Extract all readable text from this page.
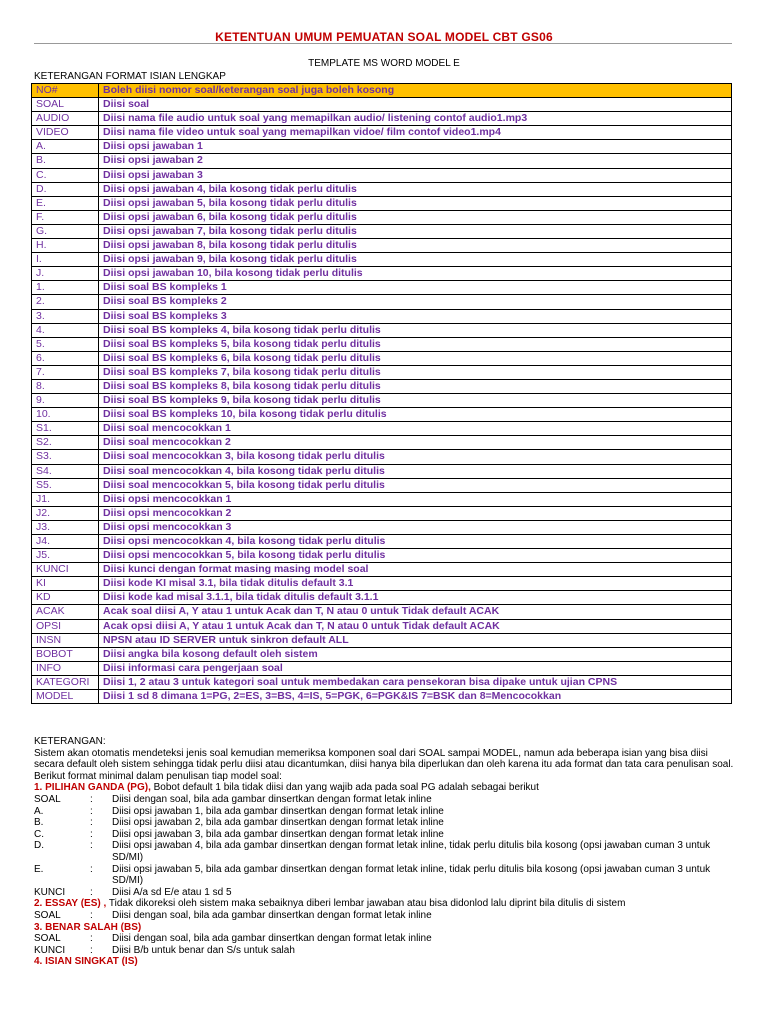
KETENTUAN UMUM PEMUATAN SOAL MODEL CBT GS06
TEMPLATE MS WORD MODEL E
KETERANGAN FORMAT ISIAN LENGKAP
NO#	Boleh diisi nomor soal/keterangan soal juga boleh kosong
SOAL	Diisi soal
AUDIO	Diisi nama file audio untuk soal yang memapilkan audio/ listening contof audio1.mp3
VIDEO	Diisi nama file video untuk soal yang memapilkan vidoe/ film contof video1.mp4
A.	Diisi opsi jawaban 1
B.	Diisi opsi jawaban 2
C.	Diisi opsi jawaban 3
D.	Diisi opsi jawaban 4, bila kosong tidak perlu ditulis
E.	Diisi opsi jawaban 5, bila kosong tidak perlu ditulis
F.	Diisi opsi jawaban 6, bila kosong tidak perlu ditulis
G.	Diisi opsi jawaban 7, bila kosong tidak perlu ditulis
H.	Diisi opsi jawaban 8, bila kosong tidak perlu ditulis
I.	Diisi opsi jawaban 9, bila kosong tidak perlu ditulis
J.	Diisi opsi jawaban 10, bila kosong tidak perlu ditulis
1.	Diisi soal BS kompleks 1
2.	Diisi soal BS kompleks 2
3.	Diisi soal BS kompleks 3
4.	Diisi soal BS kompleks 4, bila kosong tidak perlu ditulis
5.	Diisi soal BS kompleks 5, bila kosong tidak perlu ditulis
6.	Diisi soal BS kompleks 6, bila kosong tidak perlu ditulis
7.	Diisi soal BS kompleks 7, bila kosong tidak perlu ditulis
8.	Diisi soal BS kompleks 8, bila kosong tidak perlu ditulis
9.	Diisi soal BS kompleks 9, bila kosong tidak perlu ditulis
10.	Diisi soal BS kompleks 10, bila kosong tidak perlu ditulis
S1.	Diisi soal mencocokkan 1
S2.	Diisi soal mencocokkan 2
S3.	Diisi soal mencocokkan 3, bila kosong tidak perlu ditulis
S4.	Diisi soal mencocokkan 4, bila kosong tidak perlu ditulis
S5.	Diisi soal mencocokkan 5, bila kosong tidak perlu ditulis
J1.	Diisi opsi mencocokkan 1
J2.	Diisi opsi mencocokkan 2
J3.	Diisi opsi mencocokkan 3
J4.	Diisi opsi mencocokkan 4, bila kosong tidak perlu ditulis
J5.	Diisi opsi mencocokkan 5, bila kosong tidak perlu ditulis
KUNCI	Diisi kunci dengan format masing masing model soal
KI	Diisi kode KI misal 3.1, bila tidak ditulis default 3.1
KD	Diisi kode kad misal 3.1.1, bila tidak ditulis default 3.1.1
ACAK	Acak soal diisi A, Y atau 1 untuk Acak dan T, N atau 0 untuk Tidak default ACAK
OPSI	Acak opsi diisi A, Y atau 1 untuk Acak dan T, N atau 0 untuk Tidak default ACAK
INSN	NPSN atau ID SERVER untuk sinkron default ALL
BOBOT	Diisi angka bila kosong default oleh sistem
INFO	Diisi informasi cara pengerjaan soal
KATEGORI	Diisi 1, 2 atau 3 untuk kategori soal untuk membedakan cara pensekoran bisa dipake untuk ujian CPNS
MODEL	Diisi 1 sd 8 dimana 1=PG, 2=ES, 3=BS, 4=IS, 5=PGK, 6=PGK&IS 7=BSK dan 8=Mencocokkan

KETERANGAN:

Sistem akan otomatis mendeteksi jenis soal kemudian memeriksa komponen soal dari SOAL sampai MODEL, namun ada beberapa isian yang bisa diisi secara default oleh sistem sehingga tidak perlu diisi atau dicantumkan, diisi hanya bila diperlukan dan oleh karena itu ada format dan tata cara penulisan soal. Berikut format minimal dalam penulisan tiap model soal:

1. PILIHAN GANDA (PG), Bobot default 1 bila tidak diisi dan yang wajib ada pada soal PG adalah sebagai berikut

SOAL	:	Diisi dengan soal, bila ada gambar dinsertkan dengan format letak inline
A.	:	Diisi opsi jawaban 1, bila ada gambar dinsertkan dengan format letak inline
B.	:	Diisi opsi jawaban 2, bila ada gambar dinsertkan dengan format letak inline
C.	:	Diisi opsi jawaban 3, bila ada gambar dinsertkan dengan format letak inline
D.	:	Diisi opsi jawaban 4, bila ada gambar dinsertkan dengan format letak inline, tidak perlu ditulis bila kosong (opsi jawaban cuman 3 untuk SD/MI)
E.	:	Diisi opsi jawaban 5, bila ada gambar dinsertkan dengan format letak inline, tidak perlu ditulis bila kosong (opsi jawaban cuman 3 untuk SD/MI)
KUNCI	:	Diisi A/a sd E/e atau 1 sd 5

2. ESSAY (ES) , Tidak dikoreksi oleh sistem maka sebaiknya diberi lembar jawaban atau bisa didonlod lalu diprint bila ditulis di sistem

SOAL	:	Diisi dengan soal, bila ada gambar dinsertkan dengan format letak inline

3. BENAR SALAH (BS)

SOAL	:	Diisi dengan soal, bila ada gambar dinsertkan dengan format letak inline
KUNCI	:	Diisi B/b untuk benar dan S/s untuk salah

4. ISIAN SINGKAT (IS)
